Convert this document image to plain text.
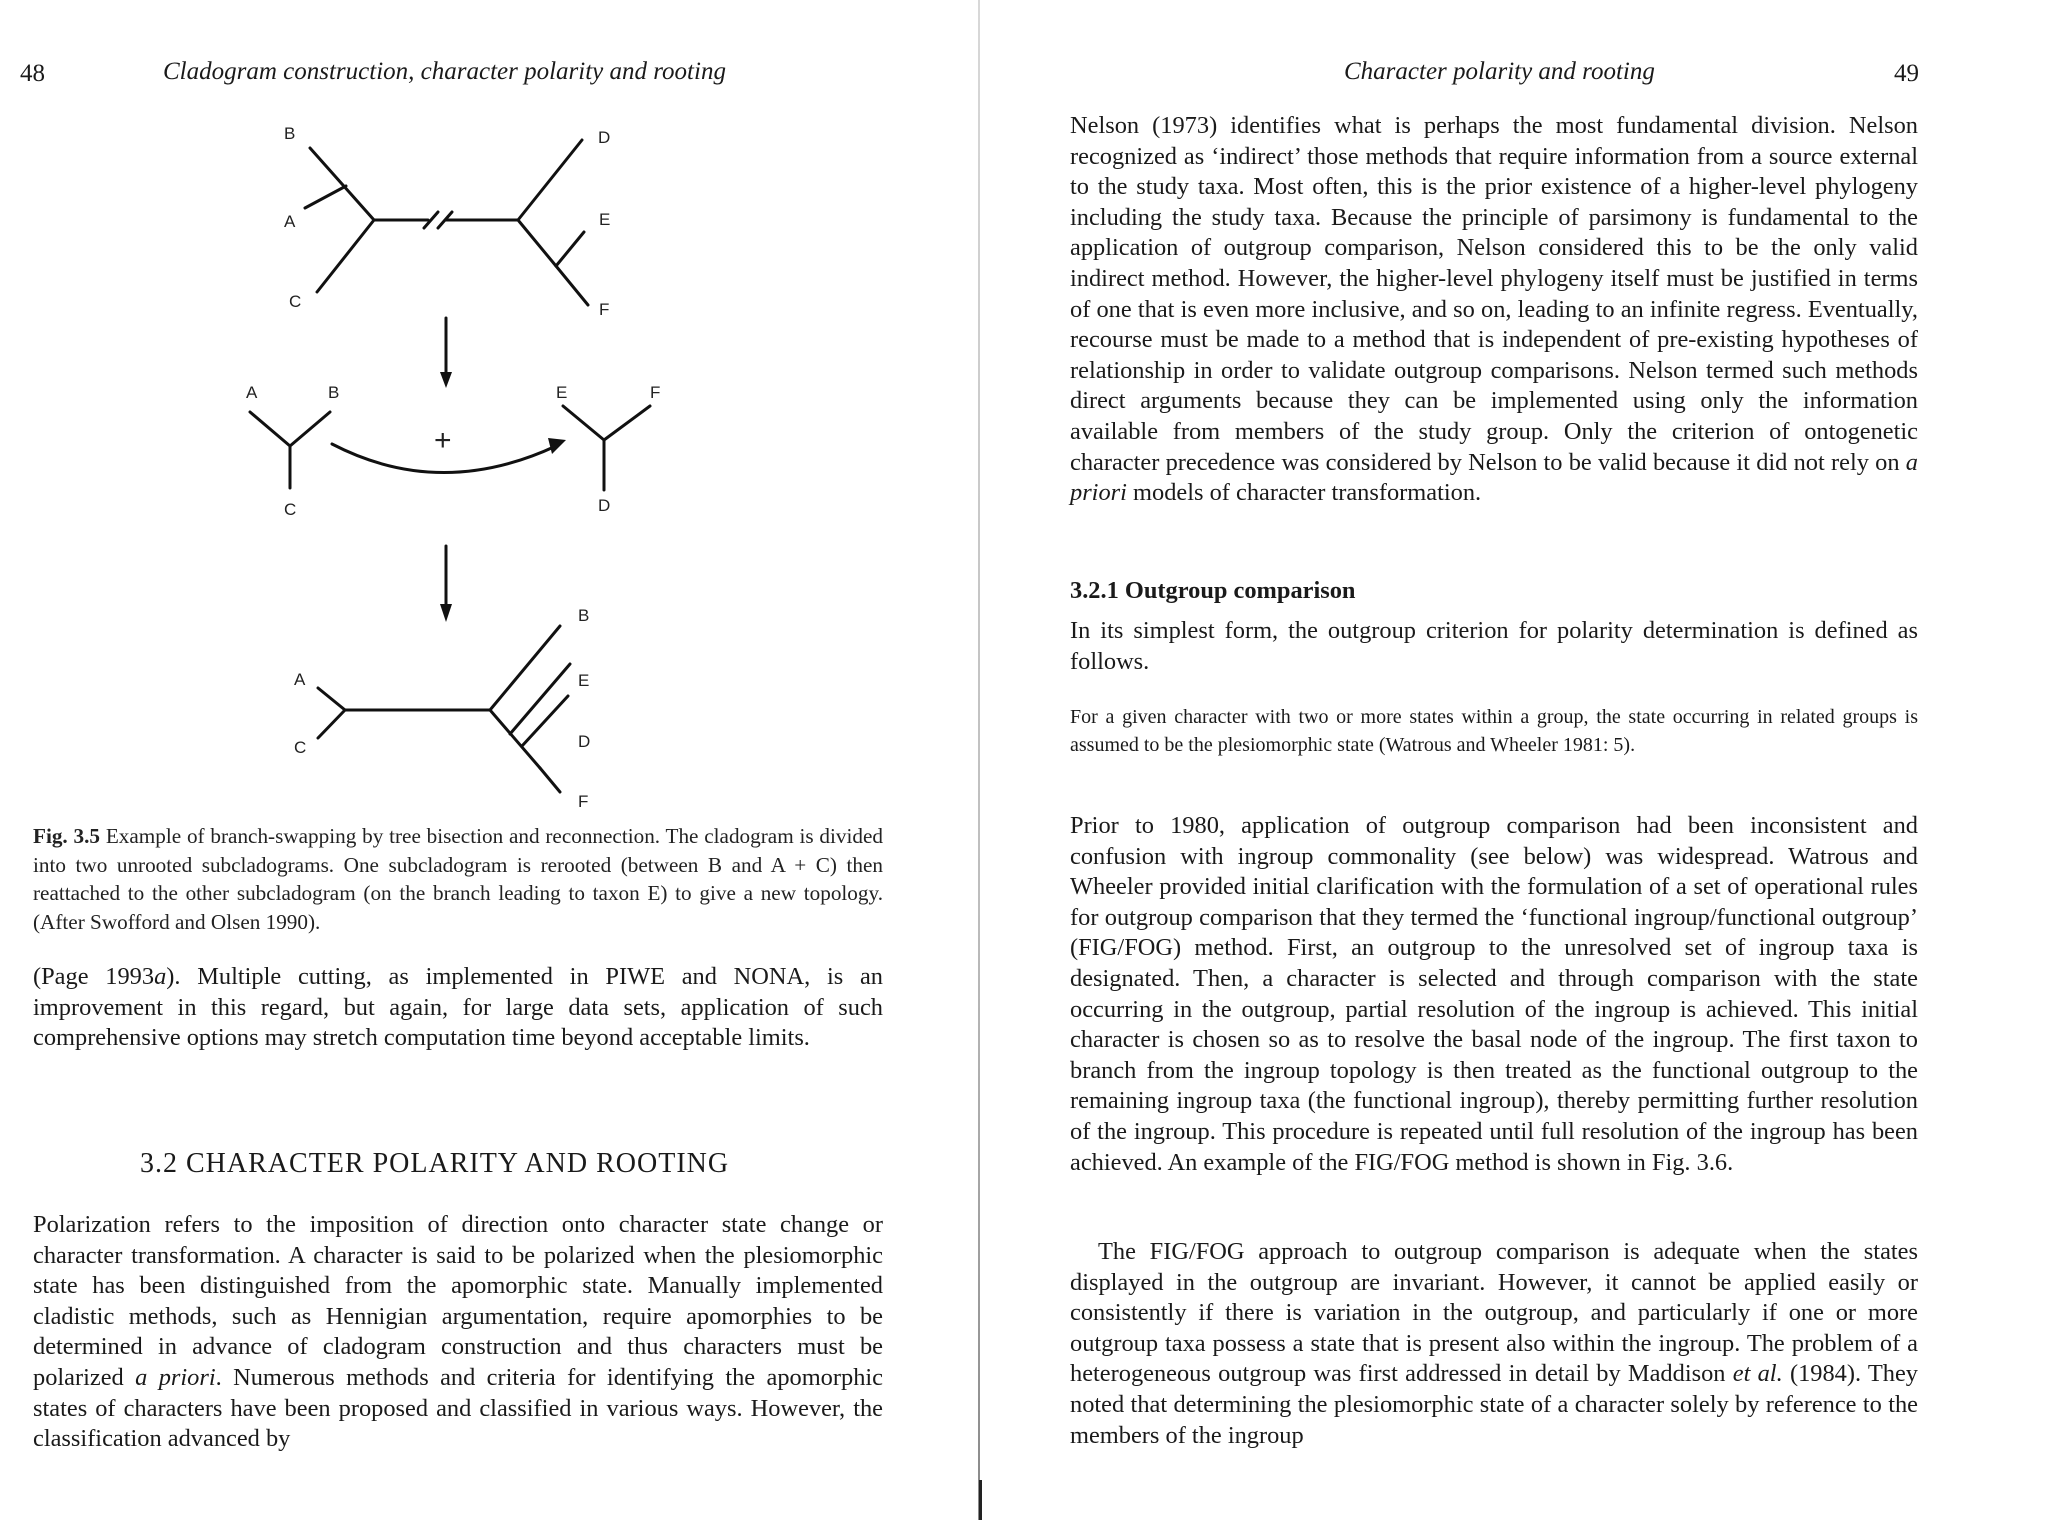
48	Cladogram construction, character polarity and rooting
B
A
C
D
E
F
A	B
C
E	F
D
+
A
C
B
E
D
F
Fig. 3.5 Example of branch-swapping by tree bisection and reconnection. The cladogram is divided into two unrooted subcladograms. One subcladogram is rerooted (between B and A + C) then reattached to the other subcladogram (on the branch leading to taxon E) to give a new topology. (After Swofford and Olsen 1990).
(Page 1993a). Multiple cutting, as implemented in PIWE and NONA, is an improvement in this regard, but again, for large data sets, application of such comprehensive options may stretch computation time beyond acceptable limits.
3.2 CHARACTER POLARITY AND ROOTING
Polarization refers to the imposition of direction onto character state change or character transformation. A character is said to be polarized when the plesiomorphic state has been distinguished from the apomorphic state. Manually implemented cladistic methods, such as Hennigian argumentation, require apomorphies to be determined in advance of cladogram construction and thus characters must be polarized a priori. Numerous methods and criteria for identifying the apomorphic states of characters have been proposed and classified in various ways. However, the classification advanced by
Character polarity and rooting	49
Nelson (1973) identifies what is perhaps the most fundamental division. Nelson recognized as ‘indirect’ those methods that require information from a source external to the study taxa. Most often, this is the prior existence of a higher-level phylogeny including the study taxa. Because the principle of parsimony is fundamental to the application of outgroup comparison, Nelson considered this to be the only valid indirect method. However, the higher-level phylogeny itself must be justified in terms of one that is even more inclusive, and so on, leading to an infinite regress. Eventually, recourse must be made to a method that is independent of pre-existing hypotheses of relationship in order to validate outgroup comparisons. Nelson termed such methods direct arguments because they can be implemented using only the information available from members of the study group. Only the criterion of ontogenetic character precedence was considered by Nelson to be valid because it did not rely on a priori models of character transformation.
3.2.1 Outgroup comparison
In its simplest form, the outgroup criterion for polarity determination is defined as follows.
For a given character with two or more states within a group, the state occurring in related groups is assumed to be the plesiomorphic state (Watrous and Wheeler 1981: 5).
Prior to 1980, application of outgroup comparison had been inconsistent and confusion with ingroup commonality (see below) was widespread. Watrous and Wheeler provided initial clarification with the formulation of a set of operational rules for outgroup comparison that they termed the ‘functional ingroup/functional outgroup’ (FIG/FOG) method. First, an outgroup to the unresolved set of ingroup taxa is designated. Then, a character is selected and through comparison with the state occurring in the outgroup, partial resolution of the ingroup is achieved. This initial character is chosen so as to resolve the basal node of the ingroup. The first taxon to branch from the ingroup topology is then treated as the functional outgroup to the remaining ingroup taxa (the functional ingroup), thereby permitting further resolution of the ingroup. This procedure is repeated until full resolution of the ingroup has been achieved. An example of the FIG/FOG method is shown in Fig. 3.6.
The FIG/FOG approach to outgroup comparison is adequate when the states displayed in the outgroup are invariant. However, it cannot be applied easily or consistently if there is variation in the outgroup, and particularly if one or more outgroup taxa possess a state that is present also within the ingroup. The problem of a heterogeneous outgroup was first addressed in detail by Maddison et al. (1984). They noted that determining the plesiomorphic state of a character solely by reference to the members of the ingroup
